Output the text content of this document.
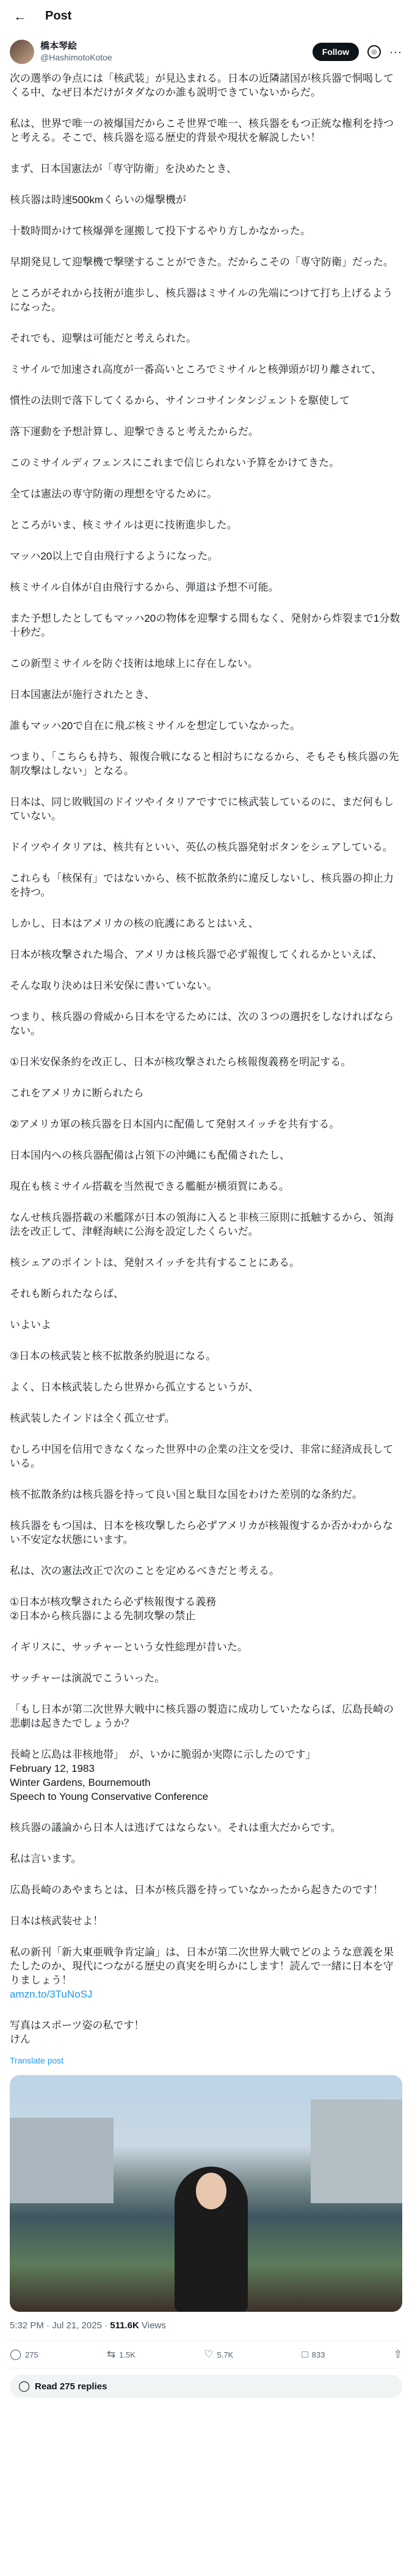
←	Post
橋本琴絵
@HashimotoKotoe
Follow	◎	···
次の選挙の争点には「核武装」が見込まれる。日本の近隣諸国が核兵器で恫喝してくる中、なぜ日本だけがタダなのか誰も説明できていないからだ。
私は、世界で唯一の被爆国だからこそ世界で唯一、核兵器をもつ正統な権利を持つと考える。そこで、核兵器を巡る歴史的背景や現状を解説したい！
まず、日本国憲法が「専守防衛」を決めたとき、
核兵器は時速500kmくらいの爆撃機が
十数時間かけて核爆弾を運搬して投下するやり方しかなかった。
早期発見して迎撃機で撃墜することができた。だからこその「専守防衛」だった。
ところがそれから技術が進歩し、核兵器はミサイルの先端につけて打ち上げるようになった。
それでも、迎撃は可能だと考えられた。
ミサイルで加速され高度が一番高いところでミサイルと核弾頭が切り離されて、
慣性の法則で落下してくるから、サインコサインタンジェントを駆使して
落下運動を予想計算し、迎撃できると考えたからだ。
このミサイルディフェンスにこれまで信じられない予算をかけてきた。
全ては憲法の専守防衛の理想を守るために。
ところがいま、核ミサイルは更に技術進歩した。
マッハ20以上で自由飛行するようになった。
核ミサイル自体が自由飛行するから、弾道は予想不可能。
また予想したとしてもマッハ20の物体を迎撃する間もなく、発射から炸裂まで1分数十秒だ。
この新型ミサイルを防ぐ技術は地球上に存在しない。
日本国憲法が施行されたとき、
誰もマッハ20で自在に飛ぶ核ミサイルを想定していなかった。
つまり、「こちらも持ち、報復合戦になると相討ちになるから、そもそも核兵器の先制攻撃はしない」となる。
日本は、同じ敗戦国のドイツやイタリアですでに核武装しているのに、まだ何もしていない。
ドイツやイタリアは、核共有といい、英仏の核兵器発射ボタンをシェアしている。
これらも「核保有」ではないから、核不拡散条約に違反しないし、核兵器の抑止力を持つ。
しかし、日本はアメリカの核の庇護にあるとはいえ、
日本が核攻撃された場合、アメリカは核兵器で必ず報復してくれるかといえば、
そんな取り決めは日米安保に書いていない。
つまり、核兵器の脅威から日本を守るためには、次の３つの選択をしなければならない。
①日米安保条約を改正し、日本が核攻撃されたら核報復義務を明記する。
これをアメリカに断られたら
②アメリカ軍の核兵器を日本国内に配備して発射スイッチを共有する。
日本国内への核兵器配備は占領下の沖縄にも配備されたし、
現在も核ミサイル搭載を当然視できる艦艇が横須賀にある。
なんせ核兵器搭載の米艦隊が日本の領海に入ると非核三原則に抵触するから、領海法を改正して、津軽海峡に公海を設定したくらいだ。
核シェアのポイントは、発射スイッチを共有することにある。
それも断られたならば、
いよいよ
③日本の核武装と核不拡散条約脱退になる。
よく、日本核武装したら世界から孤立するというが、
核武装したインドは全く孤立せず。
むしろ中国を信用できなくなった世界中の企業の注文を受け、非常に経済成長している。
核不拡散条約は核兵器を持って良い国と駄目な国をわけた差別的な条約だ。
核兵器をもつ国は、日本を核攻撃したら必ずアメリカが核報復するか否かわからない不安定な状態にいます。
私は、次の憲法改正で次のことを定めるべきだと考える。
①日本が核攻撃されたら必ず核報復する義務
②日本から核兵器による先制攻撃の禁止
イギリスに、サッチャーという女性総理が昔いた。
サッチャーは演説でこういった。
「もし日本が第二次世界大戦中に核兵器の製造に成功していたならば、広島長崎の悲劇は起きたでしょうか？
長崎と広島は非核地帯」　が、いかに脆弱か実際に示したのです」
February 12, 1983
Winter Gardens, Bournemouth
Speech to Young Conservative Conference
核兵器の議論から日本人は逃げてはならない。それは重大だからです。
私は言います。
広島長崎のあやまちとは、日本が核兵器を持っていなかったから起きたのです！
日本は核武装せよ！
私の新刊「新大東亜戦争肯定論」は、日本が第二次世界大戦でどのような意義を果たしたのか、現代につながる歴史の真実を明らかにします！読んで一緒に日本を守りましょう！
amzn.to/3TuNoSJ
写真はスポーツ姿の私です！
けん
Translate post
5:32 PM · Jul 21, 2025 · 511.6K Views
◯ 275	⇆ 1.5K	♡ 5.7K	□ 833	⇧
◯ Read 275 replies
